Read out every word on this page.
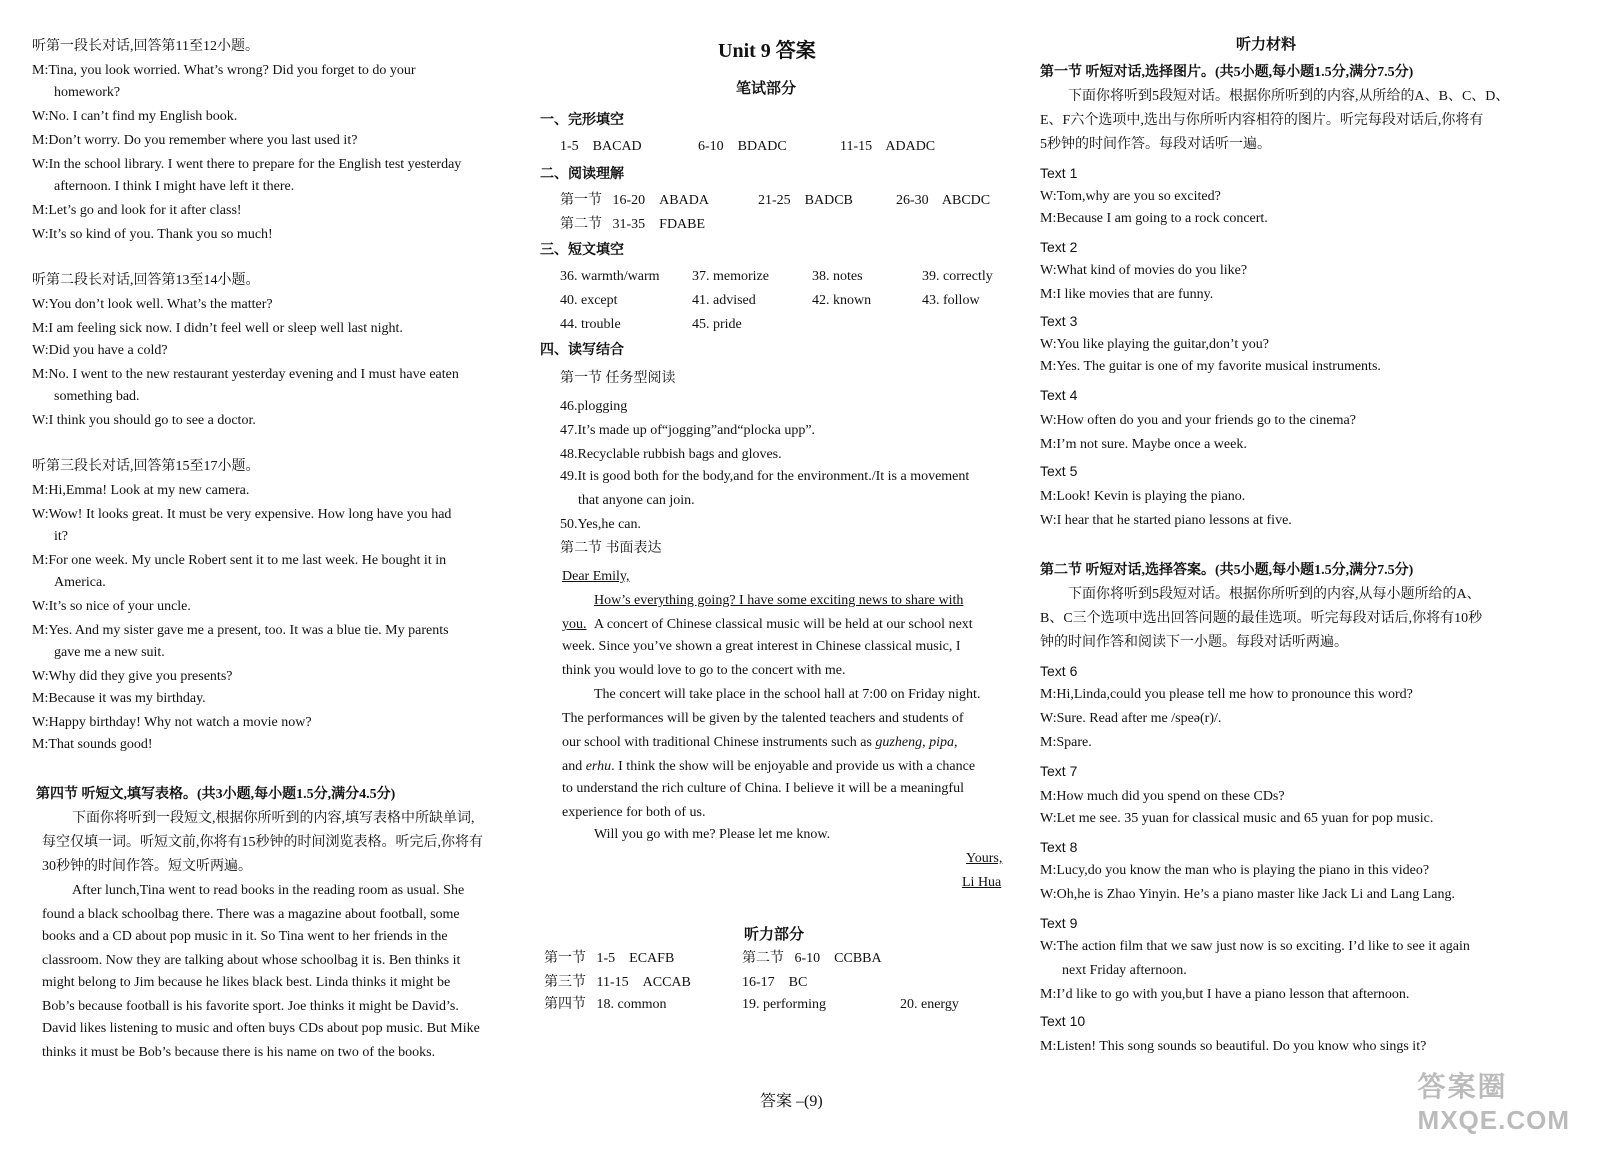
听第一段长对话,回答第11至12小题。
M:Tina, you look worried. What’s wrong? Did you forget to do your
homework?
W:No. I can’t find my English book.
M:Don’t worry. Do you remember where you last used it?
W:In the school library. I went there to prepare for the English test yesterday
afternoon. I think I might have left it there.
M:Let’s go and look for it after class!
W:It’s so kind of you. Thank you so much!
听第二段长对话,回答第13至14小题。
W:You don’t look well. What’s the matter?
M:I am feeling sick now. I didn’t feel well or sleep well last night.
W:Did you have a cold?
M:No. I went to the new restaurant yesterday evening and I must have eaten
something bad.
W:I think you should go to see a doctor.
听第三段长对话,回答第15至17小题。
M:Hi,Emma! Look at my new camera.
W:Wow! It looks great. It must be very expensive. How long have you had
it?
M:For one week. My uncle Robert sent it to me last week. He bought it in
America.
W:It’s so nice of your uncle.
M:Yes. And my sister gave me a present, too. It was a blue tie. My parents
gave me a new suit.
W:Why did they give you presents?
M:Because it was my birthday.
W:Happy birthday! Why not watch a movie now?
M:That sounds good!
第四节 听短文,填写表格。(共3小题,每小题1.5分,满分4.5分)
下面你将听到一段短文,根据你所听到的内容,填写表格中所缺单词,
每空仅填一词。听短文前,你将有15秒钟的时间浏览表格。听完后,你将有
30秒钟的时间作答。短文听两遍。
After lunch,Tina went to read books in the reading room as usual. She
found a black schoolbag there. There was a magazine about football, some
books and a CD about pop music in it. So Tina went to her friends in the
classroom. Now they are talking about whose schoolbag it is. Ben thinks it
might belong to Jim because he likes black best. Linda thinks it might be
Bob’s because football is his favorite sport. Joe thinks it might be David’s.
David likes listening to music and often buys CDs about pop music. But Mike
thinks it must be Bob’s because there is his name on two of the books.
Unit 9 答案
笔试部分
一、完形填空
1-5    BACAD	6-10    BDADC	11-15    ADADC
二、阅读理解
第一节   16-20    ABADA	21-25    BADCB	26-30    ABCDC
第二节   31-35    FDABE
三、短文填空
36. warmth/warm 37. memorize	38. notes	39. correctly
40. except	41. advised	42. known	43. follow
44. trouble	45. pride
四、读写结合
第一节 任务型阅读
46.plogging
47.It’s made up of“jogging”and“plocka upp”.
48.Recyclable rubbish bags and gloves.
49.It is good both for the body,and for the environment./It is a movement
that anyone can join.
50.Yes,he can.
第二节 书面表达
Dear Emily,
How’s everything going? I have some exciting news to share with
you. A concert of Chinese classical music will be held at our school next
week. Since you’ve shown a great interest in Chinese classical music, I
think you would love to go to the concert with me.
The concert will take place in the school hall at 7:00 on Friday night.
The performances will be given by the talented teachers and students of
our school with traditional Chinese instruments such as guzheng, pipa,
and erhu. I think the show will be enjoyable and provide us with a chance
to understand the rich culture of China. I believe it will be a meaningful
experience for both of us.
Will you go with me? Please let me know.
Yours,
Li Hua
听力部分
第一节   1-5    ECAFB	第二节   6-10    CCBBA
第三节   11-15    ACCAB	16-17    BC
第四节   18. common	19. performing	20. energy
听力材料
第一节 听短对话,选择图片。(共5小题,每小题1.5分,满分7.5分)
下面你将听到5段短对话。根据你所听到的内容,从所给的A、B、C、D、
E、F六个选项中,选出与你所听内容相符的图片。听完每段对话后,你将有
5秒钟的时间作答。每段对话听一遍。
Text 1
W:Tom,why are you so excited?
M:Because I am going to a rock concert.
Text 2
W:What kind of movies do you like?
M:I like movies that are funny.
Text 3
W:You like playing the guitar,don’t you?
M:Yes. The guitar is one of my favorite musical instruments.
Text 4
W:How often do you and your friends go to the cinema?
M:I’m not sure. Maybe once a week.
Text 5
M:Look! Kevin is playing the piano.
W:I hear that he started piano lessons at five.
第二节 听短对话,选择答案。(共5小题,每小题1.5分,满分7.5分)
下面你将听到5段短对话。根据你所听到的内容,从每小题所给的A、
B、C三个选项中选出回答问题的最佳选项。听完每段对话后,你将有10秒
钟的时间作答和阅读下一小题。每段对话听两遍。
Text 6
M:Hi,Linda,could you please tell me how to pronounce this word?
W:Sure. Read after me /speə(r)/.
M:Spare.
Text 7
M:How much did you spend on these CDs?
W:Let me see. 35 yuan for classical music and 65 yuan for pop music.
Text 8
M:Lucy,do you know the man who is playing the piano in this video?
W:Oh,he is Zhao Yinyin. He’s a piano master like Jack Li and Lang Lang.
Text 9
W:The action film that we saw just now is so exciting. I’d like to see it again
next Friday afternoon.
M:I’d like to go with you,but I have a piano lesson that afternoon.
Text 10
M:Listen! This song sounds so beautiful. Do you know who sings it?
答案 –(9)	答案圈
MXQE.COM
